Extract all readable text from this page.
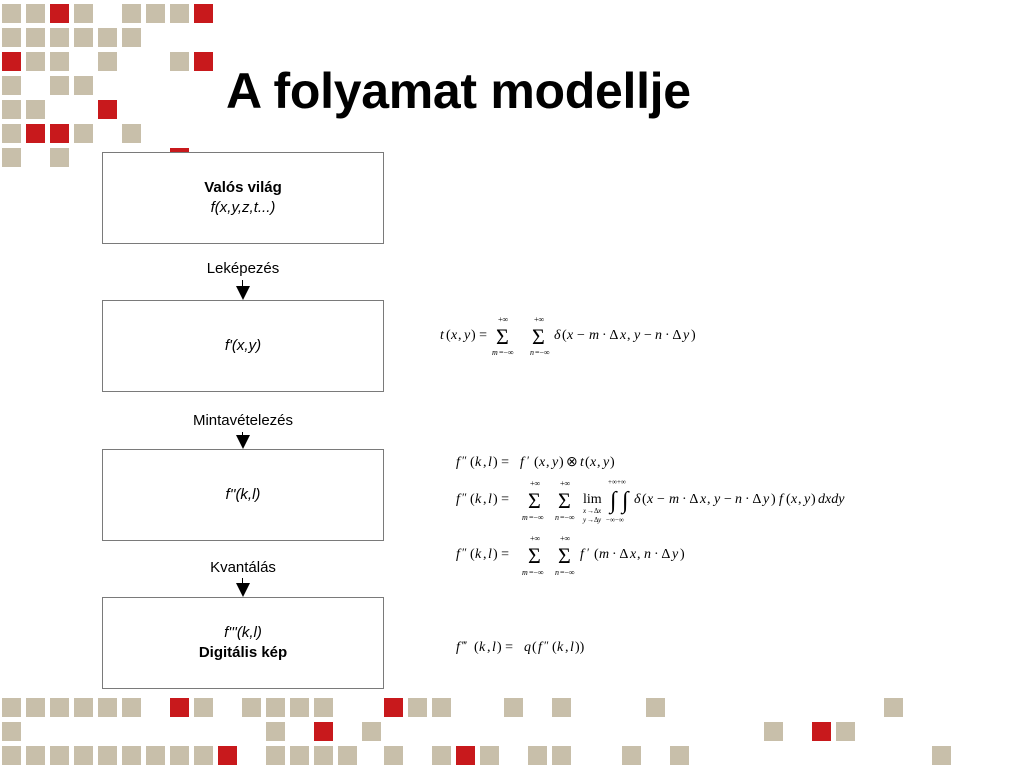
A folyamat modellje
Valós világ
f(x,y,z,t...)
Leképezés
f'(x,y)
Mintavételezés
f''(k,l)
Kvantálás
f'''(k,l)
Digitális kép
t ( x , y ) =
+∞
Σ
m =−∞
+∞
Σ
n =−∞
δ ( x − m · Δ x , y − n · Δ y )
f ″ ( k , l ) = f ′ ( x , y ) ⊗ t ( x , y )
f ″ ( k , l ) =
+∞
Σ
m =−∞
+∞
Σ
n =−∞
lim
x →Δ x
y →Δ y
+∞+∞
∫ ∫
−∞−∞
δ ( x − m · Δ x , y − n · Δ y ) f ( x , y ) dxdy
f ″ ( k , l ) =
+∞
Σ
m =−∞
+∞
Σ
n =−∞
f ′ ( m · Δ x , n · Δ y )
f ‴ ( k , l ) = q ( f ″ ( k , l ))
